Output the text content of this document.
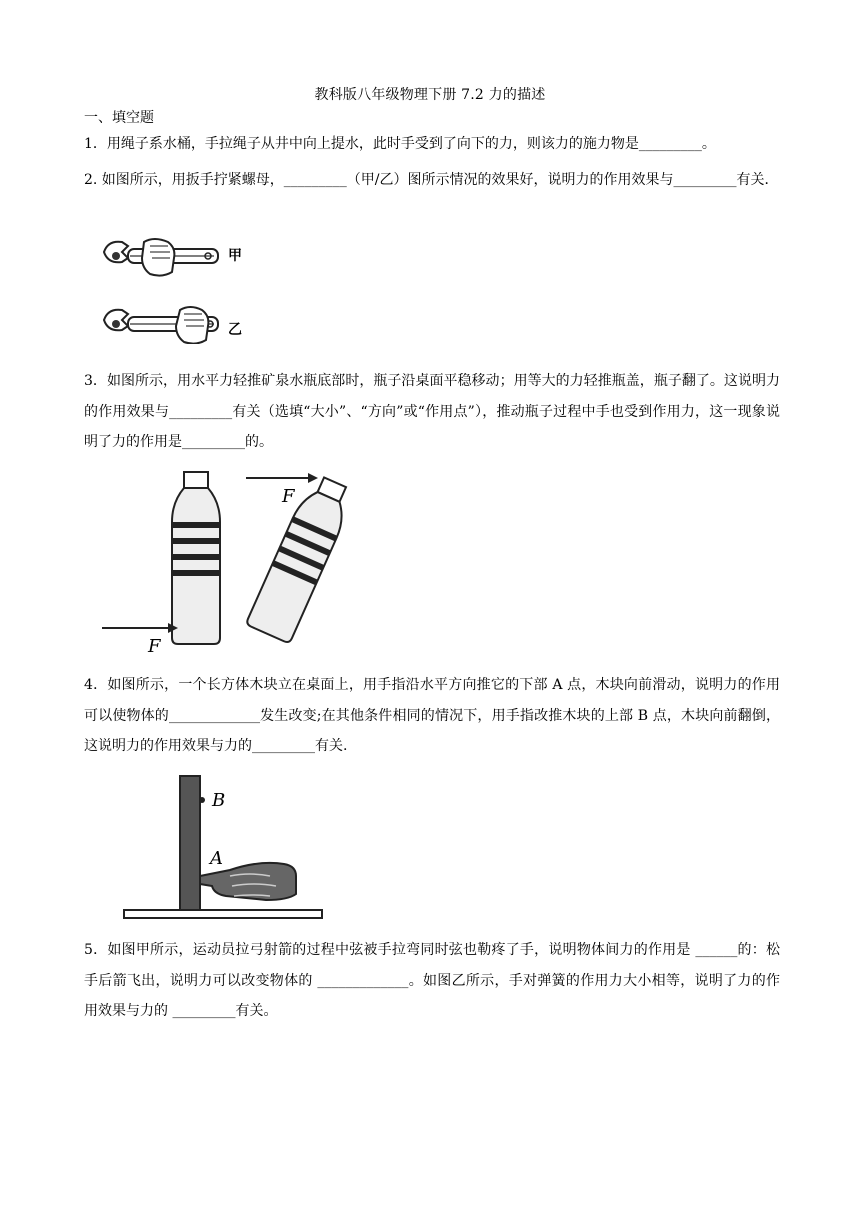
教科版八年级物理下册 7.2 力的描述
一、填空题
1．用绳子系水桶，手拉绳子从井中向上提水，此时手受到了向下的力，则该力的施力物是_________。
2. 如图所示，用扳手拧紧螺母，_________（甲/乙）图所示情况的效果好，说明力的作用效果与_________有关．
甲
乙
3．如图所示，用水平力轻推矿泉水瓶底部时，瓶子沿桌面平稳移动；用等大的力轻推瓶盖，瓶子翻了。这说明力的作用效果与_________有关（选填“大小”、“方向”或“作用点”），推动瓶子过程中手也受到作用力，这一现象说明了力的作用是_________的。
F
F
4．如图所示，一个长方体木块立在桌面上，用手指沿水平方向推它的下部 A 点，木块向前滑动，说明力的作用可以使物体的_____________发生改变;在其他条件相同的情况下，用手指改推木块的上部 B 点，木块向前翻倒，这说明力的作用效果与力的_________有关.
B
A
5．如图甲所示，运动员拉弓射箭的过程中弦被手拉弯同时弦也勒疼了手，说明物体间力的作用是 ______的：松手后箭飞出，说明力可以改变物体的 _____________。如图乙所示，手对弹簧的作用力大小相等，说明了力的作用效果与力的 _________有关。
